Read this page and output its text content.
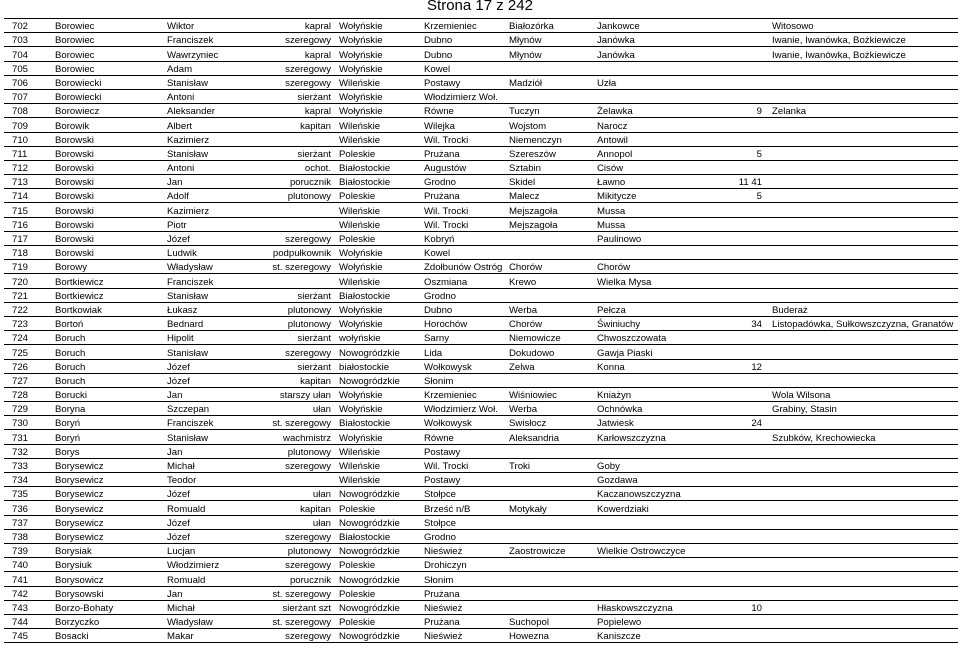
Strona 17 z 242
702	Borowiec	Wiktor	kapral	Wołyńskie	Krzemieniec	Białozórka	Jankowce		Witosowo
703	Borowiec	Franciszek	szeregowy	Wołyńskie	Dubno	Młynów	Janówka		Iwanie, Iwanówka, Bożkiewicze
704	Borowiec	Wawrzyniec	kapral	Wołyńskie	Dubno	Młynów	Janówka		Iwanie, Iwanówka, Bożkiewicze
705	Borowiec	Adam	szeregowy	Wołyńskie	Kowel				
706	Borowiecki	Stanisław	szeregowy	Wileńskie	Postawy	Madziół	Uzła		
707	Borowiecki	Antoni	sierżant	Wołyńskie	Włodzimierz Woł.				
708	Borowiecz	Aleksander	kapral	Wołyńskie	Równe	Tuczyn	Żelawka	9	Zelanka
709	Borowik	Albert	kapitan	Wileńskie	Wilejka	Wojstom	Narocz		
710	Borowski	Kazimierz		Wileńskie	Wil. Trocki	Niemenczyn	Antowil		
711	Borowski	Stanisław	sierżant	Poleskie	Prużana	Szereszów	Annopol	5	
712	Borowski	Antoni	ochot.	Białostockie	Augustów	Sztabin	Cisów		
713	Borowski	Jan	porucznik	Białostockie	Grodno	Skidel	Ławno	11 41	
714	Borowski	Adolf	plutonowy	Poleskie	Prużana	Malecz	Mikitycze	5	
715	Borowski	Kazimierz		Wileńskie	Wil. Trocki	Mejszagoła	Mussa		
716	Borowski	Piotr		Wileńskie	Wil. Trocki	Mejszagoła	Mussa		
717	Borowski	Józef	szeregowy	Poleskie	Kobryń		Paulinowo		
718	Borowski	Ludwik	podpułkownik	Wołyńskie	Kowel				
719	Borowy	Władysław	st. szeregowy	Wołyńskie	Zdołbunów Ostróg	Chorów	Chorów		
720	Bortkiewicz	Franciszek		Wileńskie	Oszmiana	Krewo	Wielka Mysa		
721	Bortkiewicz	Stanisław	sierżant	Białostockie	Grodno				
722	Bortkowiak	Łukasz	plutonowy	Wołyńskie	Dubno	Werba	Pełcza		Buderaż
723	Bortoń	Bednard	plutonowy	Wołyńskie	Horochów	Chorów	Świniuchy	34	Listopadówka, Sułkowszczyzna, Granatów
724	Boruch	Hipolit	sierżant	wołyńskie	Sarny	Niemowicze	Chwoszczowata		
725	Boruch	Stanisław	szeregowy	Nowogródzkie	Lida	Dokudowo	Gawja Piaski		
726	Boruch	Józef	sierżant	białostockie	Wołkowysk	Zelwa	Konna	12	
727	Boruch	Józef	kapitan	Nowogródzkie	Słonim				
728	Borucki	Jan	starszy ułan	Wołyńskie	Krzemieniec	Wiśniowiec	Kniażyn		Wola Wilsona
729	Boryna	Szczepan	ułan	Wołyńskie	Włodzimierz Woł.	Werba	Ochnówka		Grabiny, Stasin
730	Boryń	Franciszek	st. szeregowy	Białostockie	Wołkowysk	Swisłocz	Jatwiesk	24	
731	Boryń	Stanisław	wachmistrz	Wołyńskie	Równe	Aleksandria	Karłowszczyzna		Szubków, Krechowiecka
732	Borys	Jan	plutonowy	Wileńskie	Postawy				
733	Borysewicz	Michał	szeregowy	Wileńskie	Wil. Trocki	Troki	Goby		
734	Borysewicz	Teodor		Wileńskie	Postawy		Gozdawa		
735	Borysewicz	Józef	ułan	Nowogródzkie	Stołpce		Kaczanowszczyzna		
736	Borysewicz	Romuald	kapitan	Poleskie	Brześć n/B	Motykały	Kowerdziaki		
737	Borysewicz	Józef	ułan	Nowogródzkie	Stołpce				
738	Borysewicz	Józef	szeregowy	Białostockie	Grodno				
739	Borysiak	Lucjan	plutonowy	Nowogródzkie	Nieśwież	Zaostrowicze	Wielkie Ostrowczyce		
740	Borysiuk	Włodzimierz	szeregowy	Poleskie	Drohiczyn				
741	Borysowicz	Romuald	porucznik	Nowogródzkie	Słonim				
742	Borysowski	Jan	st. szeregowy	Poleskie	Prużana				
743	Borzo-Bohaty	Michał	sierżant szt	Nowogródzkie	Nieśwież		Hłaskowszczyzna	10	
744	Borzyczko	Władysław	st. szeregowy	Poleskie	Prużana	Suchopol	Popielewo		
745	Bosacki	Makar	szeregowy	Nowogródzkie	Nieśwież	Howezna	Kaniszcze		
